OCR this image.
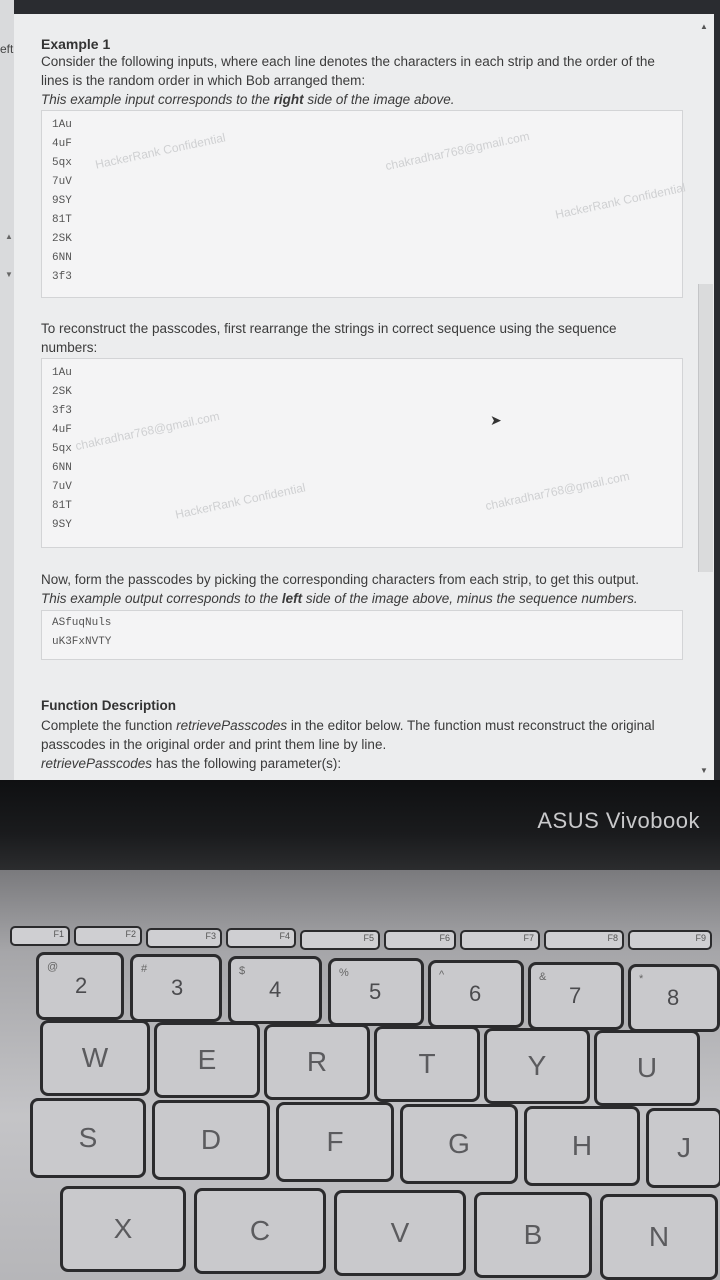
eft
▲
▼
Example 1
Consider the following inputs, where each line denotes the characters in each strip and the order of the
lines is the random order in which Bob arranged them:
This example input corresponds to the right side of the image above.
1Au
4uF
5qx
7uV
9SY
81T
2SK
6NN
3f3
To reconstruct the passcodes, first rearrange the strings in correct sequence using the sequence
numbers:
1Au
2SK
3f3
4uF
5qx
6NN
7uV
81T
9SY
Now, form the passcodes by picking the corresponding characters from each strip, to get this output.
This example output corresponds to the left side of the image above, minus the sequence numbers.
ASfuqNuls
uK3FxNVTY
Function Description
Complete the function retrievePasscodes in the editor below. The function must reconstruct the original
passcodes in the original order and print them line by line.
retrievePasscodes has the following parameter(s):
HackerRank Confidential	chakradhar768@gmail.com
HackerRank Confidential
HackerRank Confidential	chakradhar768@gmail.com
chakradhar768@gmail.com	➤
▲
▼
ASUS Vivobook
F1	F2	F3	F4	F5	F6	F7	F8	F9
@
2
#
3
$
4
%
5
^
6
&
7
*
8
W	E	R	T	Y	U
S	D	F	G	H	J
X	C	V	B	N
